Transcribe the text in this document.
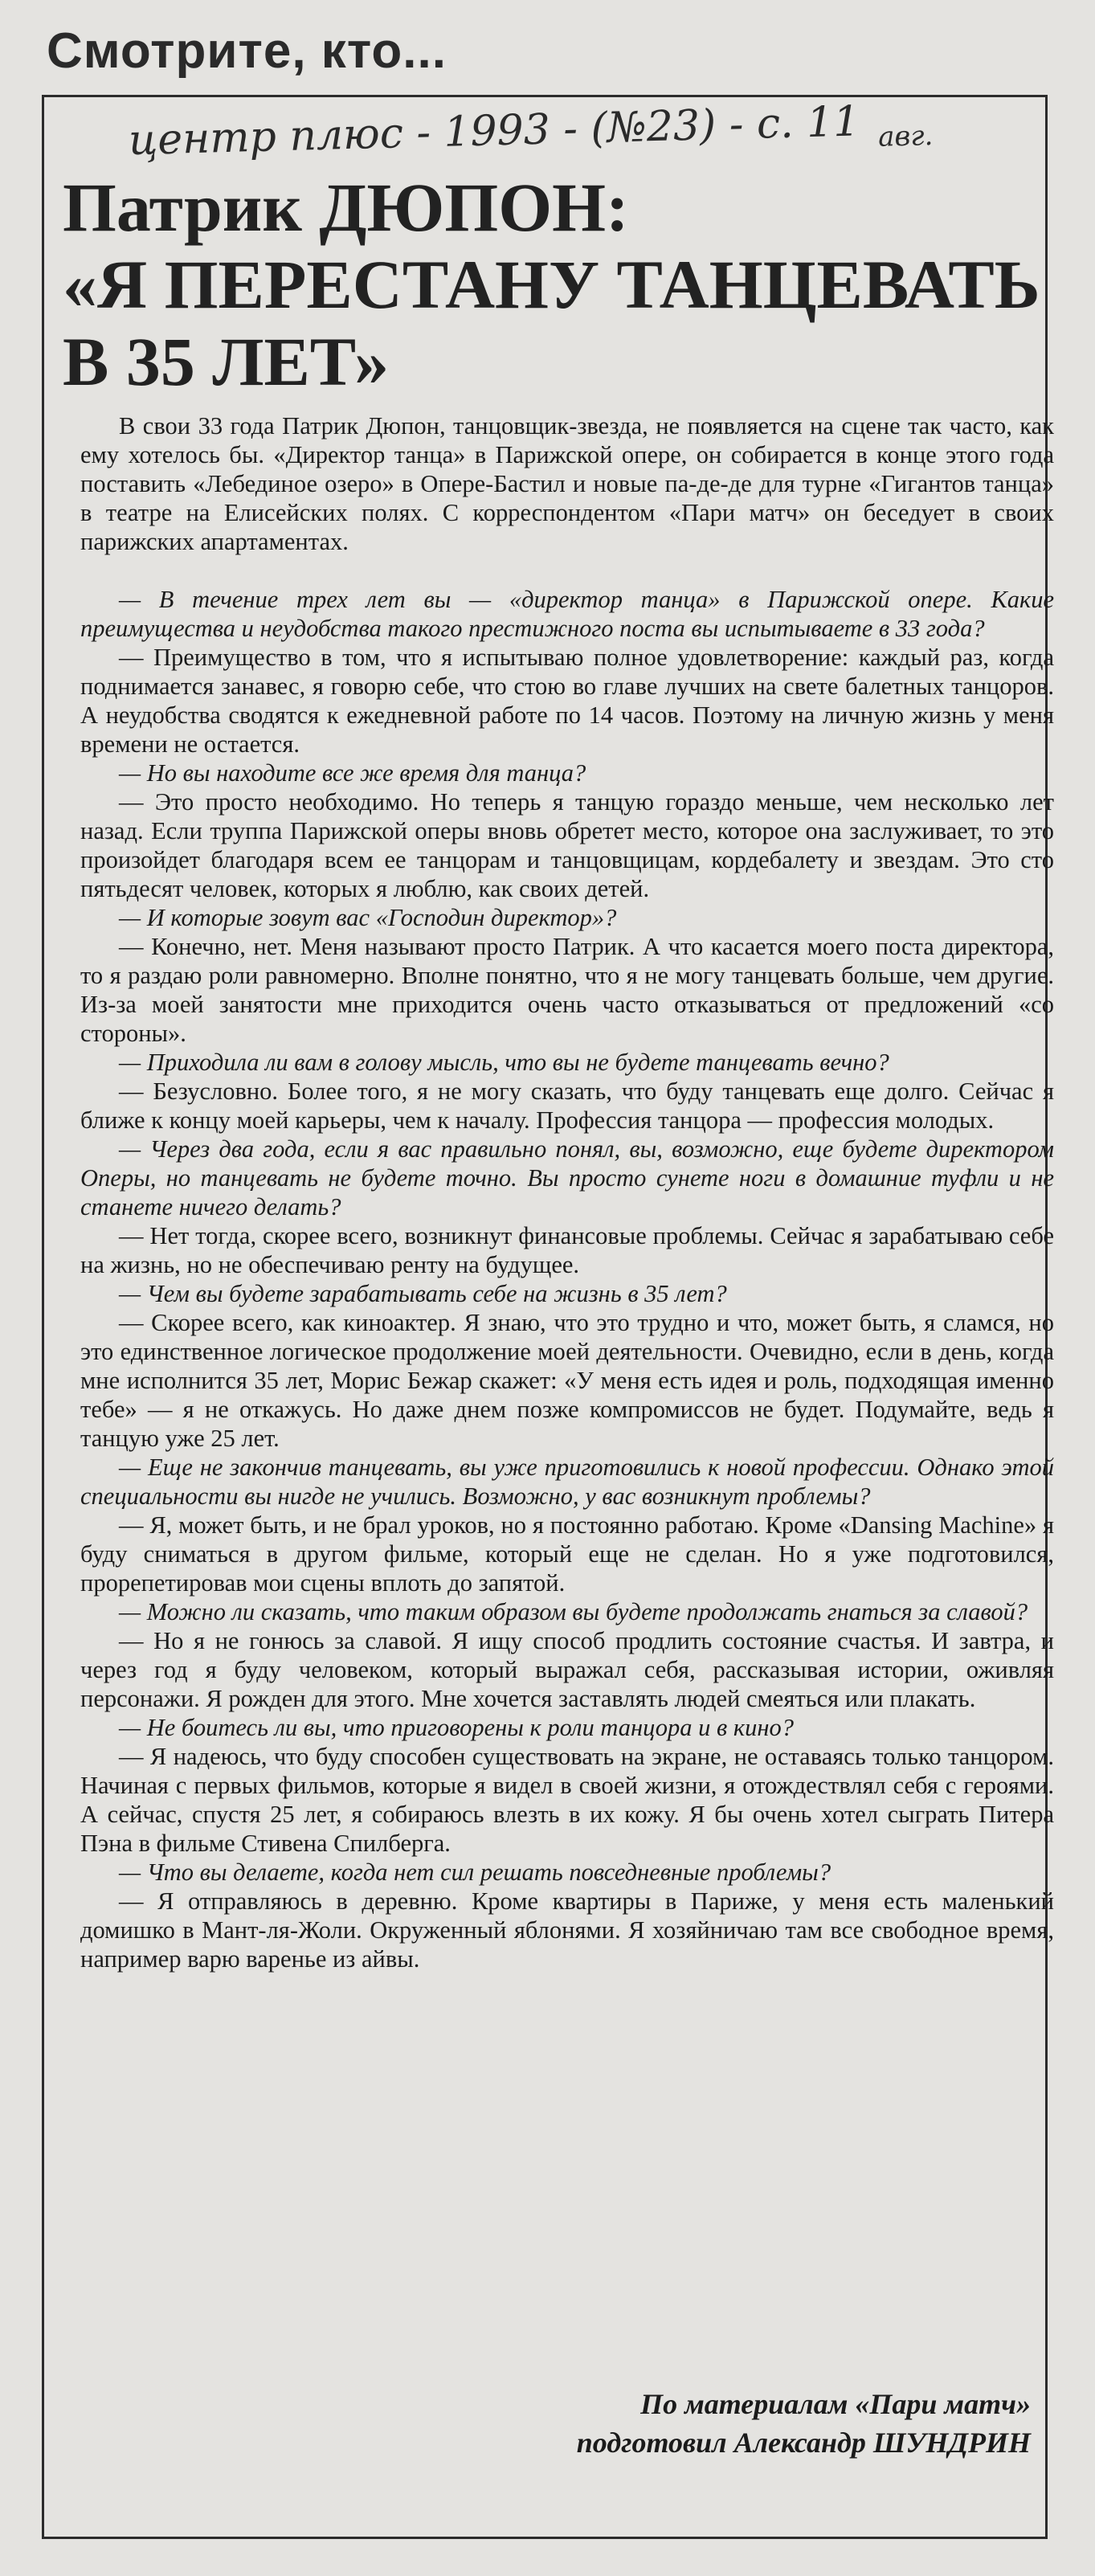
Смотрите, кто...
центр плюс - 1993 - (№23) - с. 11 авг.
Патрик ДЮПОН:
«Я ПЕРЕСТАНУ ТАНЦЕВАТЬ
В 35 ЛЕТ»

В свои 33 года Патрик Дюпон, танцовщик-звезда, не появляется на сцене так часто, как ему хотелось бы. «Директор танца» в Парижской опере, он собирается в конце этого года поставить «Лебединое озеро» в Опере-Бастил и новые па-де-де для турне «Гигантов танца» в театре на Елисейских полях. С корреспондентом «Пари матч» он беседует в своих парижских апартаментах.

— В течение трех лет вы — «директор танца» в Парижской опере. Какие преимущества и неудобства такого престижного поста вы испытываете в 33 года?

— Преимущество в том, что я испытываю полное удовлетворение: каждый раз, когда поднимается занавес, я говорю себе, что стою во главе лучших на свете балетных танцоров. А неудобства сводятся к ежедневной работе по 14 часов. Поэтому на личную жизнь у меня времени не остается.

— Но вы находите все же время для танца?

— Это просто необходимо. Но теперь я танцую гораздо меньше, чем несколько лет назад. Если труппа Парижской оперы вновь обретет место, которое она заслуживает, то это произойдет благодаря всем ее танцорам и танцовщицам, кордебалету и звездам. Это сто пятьдесят человек, которых я люблю, как своих детей.

— И которые зовут вас «Господин директор»?

— Конечно, нет. Меня называют просто Патрик. А что касается моего поста директора, то я раздаю роли равномерно. Вполне понятно, что я не могу танцевать больше, чем другие. Из-за моей занятости мне приходится очень часто отказываться от предложений «со стороны».

— Приходила ли вам в голову мысль, что вы не будете танцевать вечно?

— Безусловно. Более того, я не могу сказать, что буду танцевать еще долго. Сейчас я ближе к концу моей карьеры, чем к началу. Профессия танцора — профессия молодых.

— Через два года, если я вас правильно понял, вы, возможно, еще будете директором Оперы, но танцевать не будете точно. Вы просто сунете ноги в домашние туфли и не станете ничего делать?

— Нет тогда, скорее всего, возникнут финансовые проблемы. Сейчас я зарабатываю себе на жизнь, но не обеспечиваю ренту на будущее.

— Чем вы будете зарабатывать себе на жизнь в 35 лет?

— Скорее всего, как киноактер. Я знаю, что это трудно и что, может быть, я сламся, но это единственное логическое продолжение моей деятельности. Очевидно, если в день, когда мне исполнится 35 лет, Морис Бежар скажет: «У меня есть идея и роль, подходящая именно тебе» — я не откажусь. Но даже днем позже компромиссов не будет. Подумайте, ведь я танцую уже 25 лет.

— Еще не закончив танцевать, вы уже приготовились к новой профессии. Однако этой специальности вы нигде не учились. Возможно, у вас возникнут проблемы?

— Я, может быть, и не брал уроков, но я постоянно работаю. Кроме «Dansing Machine» я буду сниматься в другом фильме, который еще не сделан. Но я уже подготовился, прорепетировав мои сцены вплоть до запятой.

— Можно ли сказать, что таким образом вы будете продолжать гнаться за славой?

— Но я не гонюсь за славой. Я ищу способ продлить состояние счастья. И завтра, и через год я буду человеком, который выражал себя, рассказывая истории, оживляя персонажи. Я рожден для этого. Мне хочется заставлять людей смеяться или плакать.

— Не боитесь ли вы, что приговорены к роли танцора и в кино?

— Я надеюсь, что буду способен существовать на экране, не оставаясь только танцором. Начиная с первых фильмов, которые я видел в своей жизни, я отождествлял себя с героями. А сейчас, спустя 25 лет, я собираюсь влезть в их кожу. Я бы очень хотел сыграть Питера Пэна в фильме Стивена Спилберга.

— Что вы делаете, когда нет сил решать повседневные проблемы?

— Я отправляюсь в деревню. Кроме квартиры в Париже, у меня есть маленький домишко в Мант-ля-Жоли. Окруженный яблонями. Я хозяйничаю там все свободное время, например варю варенье из айвы.

По материалам «Пари матч»
подготовил Александр ШУНДРИН
